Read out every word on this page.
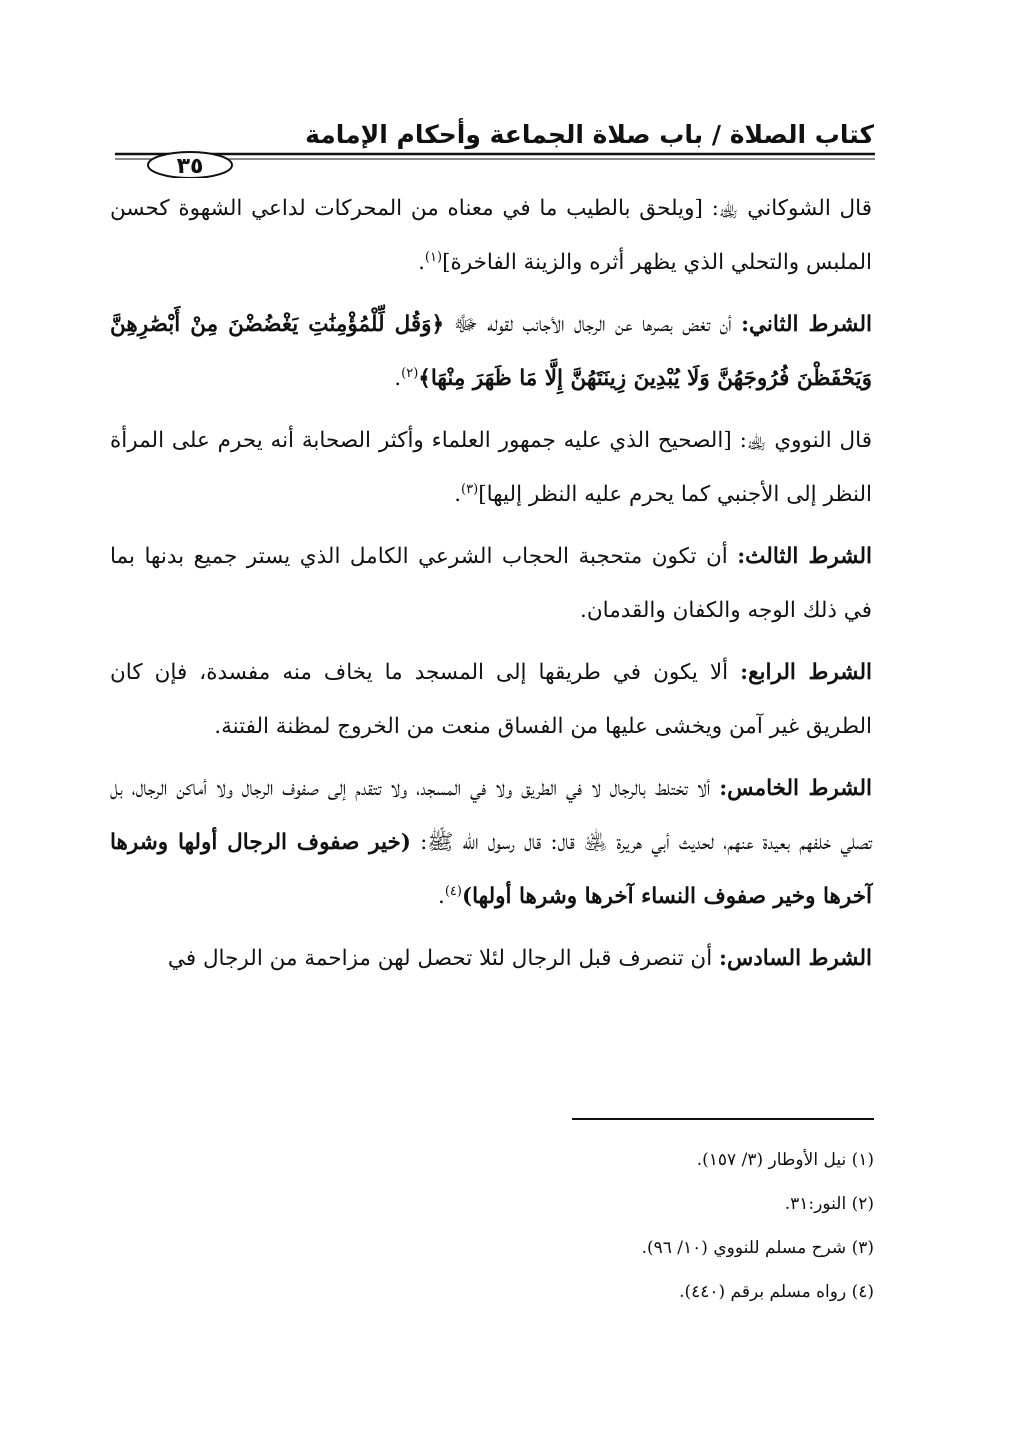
كتاب الصلاة / باب صلاة الجماعة وأحكام الإمامة
٣٥

قال الشوكاني ﵀: [ويلحق بالطيب ما في معناه من المحركات لداعي الشهوة كحسن الملبس والتحلي الذي يظهر أثره والزينة الفاخرة]$^{(١)}$.

الشرط الثاني: أن تغض بصرها عن الرجال الأجانب لقوله ﷻ ﴿وَقُل لِّلْمُؤْمِنَٰتِ يَغْضُضْنَ مِنْ أَبْصَٰرِهِنَّ وَيَحْفَظْنَ فُرُوجَهُنَّ وَلَا يُبْدِينَ زِينَتَهُنَّ إِلَّا مَا ظَهَرَ مِنْهَا﴾$^{(٢)}$.

قال النووي ﵀: [الصحيح الذي عليه جمهور العلماء وأكثر الصحابة أنه يحرم على المرأة النظر إلى الأجنبي كما يحرم عليه النظر إليها]$^{(٣)}$.

الشرط الثالث: أن تكون متحجبة الحجاب الشرعي الكامل الذي يستر جميع بدنها بما في ذلك الوجه والكفان والقدمان.

الشرط الرابع: ألا يكون في طريقها إلى المسجد ما يخاف منه مفسدة، فإن كان الطريق غير آمن ويخشى عليها من الفساق منعت من الخروج لمظنة الفتنة.

الشرط الخامس: ألا تختلط بالرجال لا في الطريق ولا في المسجد، ولا تتقدم إلى صفوف الرجال ولا أماكن الرجال، بل تصلي خلفهم بعيدة عنهم، لحديث أبي هريرة ﵁ قال: قال رسول الله ﷺ: (خير صفوف الرجال أولها وشرها آخرها وخير صفوف النساء آخرها وشرها أولها)$^{(٤)}$.

الشرط السادس: أن تنصرف قبل الرجال لئلا تحصل لهن مزاحمة من الرجال في

(١) نيل الأوطار (٣/ ١٥٧).
(٢) النور:٣١.
(٣) شرح مسلم للنووي (١٠/ ٩٦).
(٤) رواه مسلم برقم (٤٤٠).
